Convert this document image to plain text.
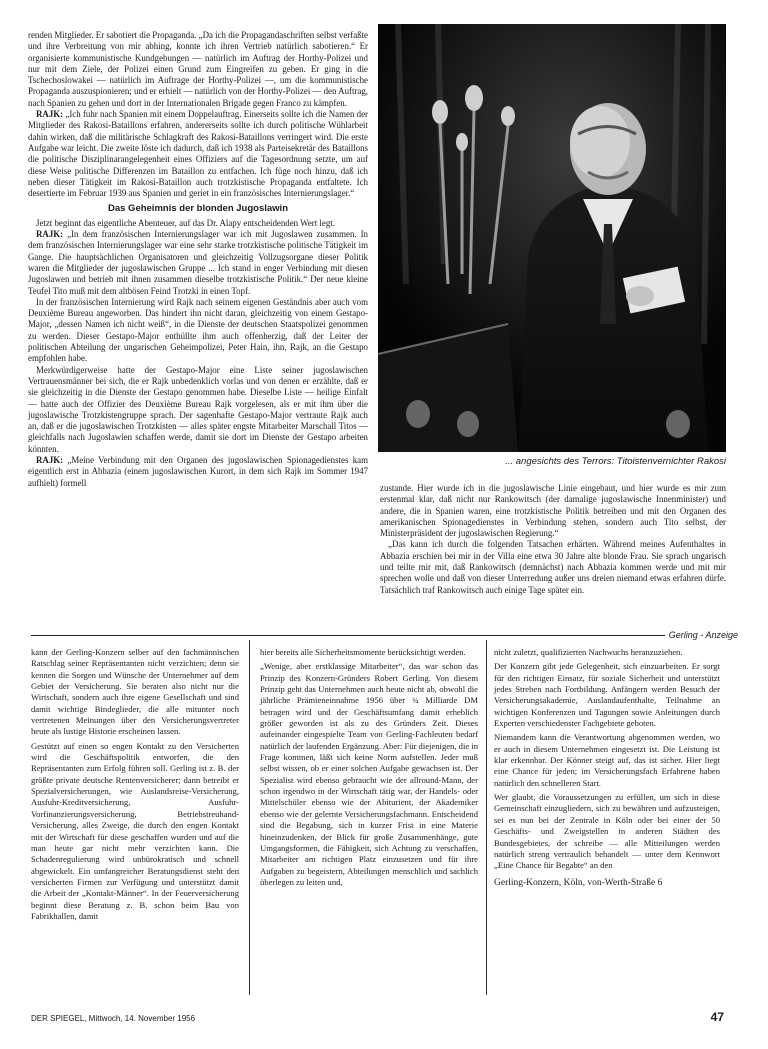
renden Mitglieder. Er sabotiert die Propaganda. „Da ich die Propagandaschriften selbst verfaßte und ihre Verbreitung von mir abhing, konnte ich ihren Vertrieb natürlich sabotieren.“ Er organisierte kommunistische Kundgebungen — natürlich im Auftrag der Horthy-Polizei und nur mit dem Ziele, der Polizei einen Grund zum Eingreifen zu geben. Er ging in die Tschechoslowakei — natürlich im Auftrage der Horthy-Polizei —, um die kommunistische Propaganda auszuspionieren; und er erhielt — natürlich von der Horthy-Polizei — den Auftrag, nach Spanien zu gehen und dort in der Internationalen Brigade gegen Franco zu kämpfen.

RAJK: „Ich fuhr nach Spanien mit einem Doppelauftrag. Einerseits sollte ich die Namen der Mitglieder des Rakosi-Bataillons erfahren, andererseits sollte ich durch politische Wühlarbeit dahin wirken, daß die militärische Schlagkraft des Rakosi-Bataillons verringert wird. Die erste Aufgabe war leicht. Die zweite löste ich dadurch, daß ich 1938 als Parteisekretär des Bataillons die politische Disziplinarangelegenheit eines Offiziers auf die Tagesordnung setzte, um auf diese Weise politische Differenzen im Bataillon zu entfachen. Ich füge noch hinzu, daß ich neben dieser Tätigkeit im Rakosi-Bataillon auch trotzkistische Propaganda entfaltete. Ich desertierte im Februar 1939 aus Spanien und geriet in ein französisches Internierungslager.“

Das Geheimnis der blonden Jugoslawin

Jetzt beginnt das eigentliche Abenteuer, auf das Dr. Alapy entscheidenden Wert legt.

RAJK: „In dem französischen Internierungslager war ich mit Jugoslawen zusammen. In dem französischen Internierungslager war eine sehr starke trotzkistische politische Tätigkeit im Gange. Die hauptsächlichen Organisatoren und gleichzeitig Vollzugsorgane dieser Politik waren die Mitglieder der jugoslawischen Gruppe ... Ich stand in enger Verbindung mit diesen Jugoslawen und betrieb mit ihnen zusammen dieselbe trotzkistische Politik.“ Der neue kleine Teufel Tito muß mit dem altbösen Feind Trotzki in einen Topf.

In der französischen Internierung wird Rajk nach seinem eigenen Geständnis aber auch vom Deuxième Bureau angeworben. Das hindert ihn nicht daran, gleichzeitig von einem Gestapo-Major, „dessen Namen ich nicht weiß“, in die Dienste der deutschen Staatspolizei genommen zu werden. Dieser Gestapo-Major enthüllte ihm auch offenherzig, daß der Leiter der politischen Abteilung der ungarischen Geheimpolizei, Peter Hain, ihn, Rajk, an die Gestapo empfohlen habe.

Merkwürdigerweise hatte der Gestapo-Major eine Liste seiner jugoslawischen Vertrauensmänner bei sich, die er Rajk unbedenklich vorlas und von denen er erzählte, daß er sie gleichzeitig in die Dienste der Gestapo genommen habe. Dieselbe Liste — heilige Einfalt — hatte auch der Offizier des Deuxième Bureau Rajk vorgelesen, als er mit ihm über die jugoslawische Trotzkistengruppe sprach. Der sagenhafte Gestapo-Major vertraute Rajk auch an, daß er die jugoslawischen Trotzkisten — alles später engste Mitarbeiter Marschall Titos — gleichfalls nach Jugoslawien schaffen werde, damit sie dort im Dienste der Gestapo arbeiten könnten.

RAJK: „Meine Verbindung mit den Organen des jugoslawischen Spionagedienstes kam eigentlich erst in Abbazia (einem jugoslawischen Kurort, in dem sich Rajk im Sommer 1947 aufhielt) formell

... angesichts des Terrors: Titoistenvernichter Rakosi

zustande. Hier wurde ich in die jugoslawische Linie eingebaut, und hier wurde es mir zum erstenmal klar, daß nicht nur Rankowitsch (der damalige jugoslawische Innenminister) und andere, die in Spanien waren, eine trotzkistische Politik betreiben und mit den Organen des amerikanischen Spionagedienstes in Verbindung stehen, sondern auch Tito selbst, der Ministerpräsident der jugoslawischen Regierung.“

„Das kann ich durch die folgenden Tatsachen erhärten. Während meines Aufenthaltes in Abbazia erschien bei mir in der Villa eine etwa 30 Jahre alte blonde Frau. Sie sprach ungarisch und teilte mir mit, daß Rankowitsch (demnächst) nach Abbazia kommen werde und mit mir sprechen wolle und daß von dieser Unterredung außer uns dreien niemand etwas erfahren dürfe. Tatsächlich traf Rankowitsch auch einige Tage später ein.

Gerling - Anzeige

kann der Gerling-Konzern selber auf den fachmännischen Ratschlag seiner Repräsentanten nicht verzichten; denn sie kennen die Sorgen und Wünsche der Unternehmer auf dem Gebiet der Versicherung. Sie beraten also nicht nur die Wirtschaft, sondern auch ihre eigene Gesellschaft und sind damit wichtige Bindeglieder, die alle mitunter noch vertretenen Meinungen über den Versicherungsvertreter heute als lustige Historie erscheinen lassen.

Gestützt auf einen so engen Kontakt zu den Versicherten wird die Geschäftspolitik entworfen, die den Repräsentanten zum Erfolg führen soll. Gerling ist z. B. der größte private deutsche Rentenversicherer; dann betreibt er Spezialversicherungen, wie Auslandsreise-Versicherung, Ausfuhr-Kreditversicherung, Ausfuhr-Vorfinanzierungsversicherung, Betriebstreuhand-Versicherung, alles Zweige, die durch den engen Kontakt mit der Wirtschaft für diese geschaffen wurden und auf die man heute gar nicht mehr verzichten kann. Die Schadenregulierung wird unbürokratisch und schnell abgewickelt. Ein umfangreicher Beratungsdienst steht den versicherten Firmen zur Verfügung und unterstützt damit die Arbeit der „Kontakt-Männer“. In der Feuerversicherung beginnt diese Beratung z. B. schon beim Bau von Fabrikhallen, damit

hier bereits alle Sicherheitsmomente berücksichtigt werden.

„Wenige, aber erstklassige Mitarbeiter“, das war schon das Prinzip des Konzern-Gründers Robert Gerling. Von diesem Prinzip geht das Unternehmen auch heute nicht ab, obwohl die jährliche Prämieneinnahme 1956 über ¾ Milliarde DM betragen wird und der Geschäftsumfang damit erheblich größer geworden ist als zu des Gründers Zeit. Dieses aufeinander eingespielte Team von Gerling-Fachleuten bedarf natürlich der laufenden Ergänzung. Aber: Für diejenigen, die in Frage kommen, läßt sich keine Norm aufstellen. Jeder muß selbst wissen, ob er einer solchen Aufgabe gewachsen ist. Der Spezialist wird ebenso gebraucht wie der allround-Mann, der schon irgendwo in der Wirtschaft tätig war, der Handels- oder Mittelschüler ebenso wie der Abiturient, der Akademiker ebenso wie der gelernte Versicherungsfachmann. Entscheidend sind die Begabung, sich in kurzer Frist in eine Materie hineinzudenken, der Blick für große Zusammenhänge, gute Umgangsformen, die Fähigkeit, sich Achtung zu verschaffen, Mitarbeiter am richtigen Platz einzusetzen und für ihre Aufgaben zu begeistern, Abteilungen menschlich und sachlich überlegen zu leiten und,

nicht zuletzt, qualifizierten Nachwuchs heranzuziehen.

Der Konzern gibt jede Gelegenheit, sich einzuarbeiten. Er sorgt für den richtigen Einsatz, für soziale Sicherheit und unterstützt jedes Streben nach Fortbildung. Anfängern werden Besuch der Versicherungsakademie, Auslandaufenthalte, Teilnahme an wichtigen Konferenzen und Tagungen sowie Anleitungen durch Experten verschiedenster Fachgebiete geboten.

Niemandem kann die Verantwortung abgenommen werden, wo er auch in diesem Unternehmen eingesetzt ist. Die Leistung ist klar erkennbar. Der Könner steigt auf, das ist sicher. Hier liegt eine Chance für jeden; im Versicherungsfach Erfahrene haben natürlich den schnelleren Start.

Wer glaubt, die Voraussetzungen zu erfüllen, um sich in diese Gemeinschaft einzugliedern, sich zu bewähren und aufzusteigen, sei es nun bei der Zentrale in Köln oder bei einer der 50 Geschäfts- und Zweigstellen in anderen Städten des Bundesgebietes, der schreibe — alle Mitteilungen werden natürlich streng vertraulich behandelt — unter dem Kennwort „Eine Chance für Begabte“ an den

Gerling-Konzern, Köln, von-Werth-Straße 6

DER SPIEGEL, Mittwoch, 14. November 1956	47
